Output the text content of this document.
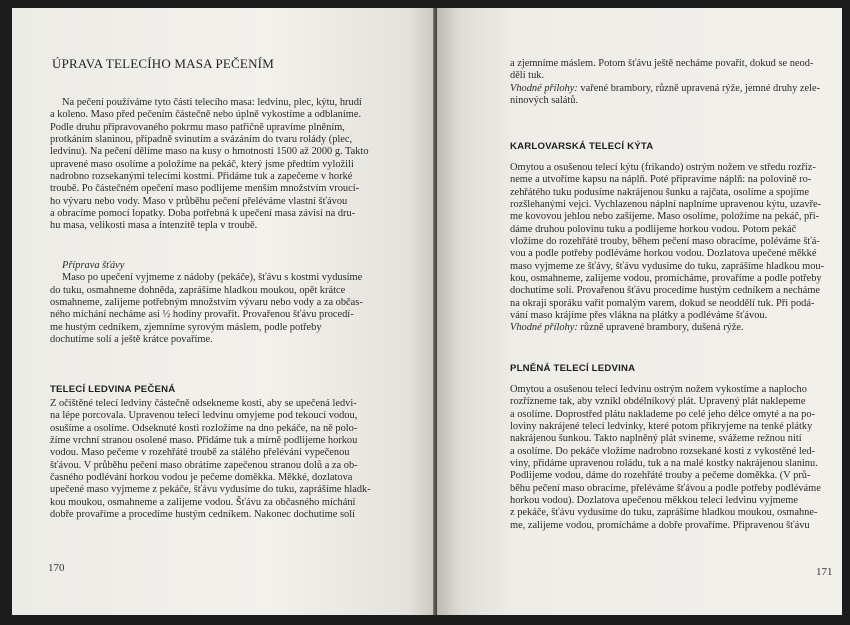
ÚPRAVA TELECÍHO MASA PEČENÍM

Na pečení používáme tyto části telecího masa: ledvinu, plec, kýtu, hrudí

a koleno. Maso před pečením částečně nebo úplně vykostíme a odblaníme.

Podle druhu připravovaného pokrmu maso patřičně upravíme plněním,

protkáním slaninou, případně svinutím a svázáním do tvaru rolády (plec,

ledvinu). Na pečení dělíme maso na kusy o hmotnosti 1500 až 2000 g. Takto

upravené maso osolíme a položíme na pekáč, který jsme předtím vyložili

nadrobno rozsekanými telecími kostmi. Přidáme tuk a zapečeme v horké

troubě. Po částečném opečení maso podlijeme menším množstvím vroucí-

ho vývaru nebo vody. Maso v průběhu pečení přeléváme vlastní šťávou

a obracíme pomocí lopatky. Doba potřebná k upečení masa závisí na dru-

hu masa, velikosti masa a intenzitě tepla v troubě.

Příprava šťávy

Maso po upečení vyjmeme z nádoby (pekáče), šťávu s kostmi vydusíme

do tuku, osmahneme dohněda, zaprášíme hladkou moukou, opět krátce

osmahneme, zalijeme potřebným množstvím vývaru nebo vody a za občas-

ného míchání necháme asi ½ hodiny provařit. Provařenou šťávu procedí-

me hustým cedníkem, zjemníme syrovým máslem, podle potřeby

dochutíme solí a ještě krátce povaříme.

TELECÍ LEDVINA PEČENÁ

Z očištěné telecí ledviny částečně odsekneme kosti, aby se upečená ledvi-

na lépe porcovala. Upravenou telecí ledvinu omyjeme pod tekoucí vodou,

osušíme a osolíme. Odseknuté kosti rozložíme na dno pekáče, na ně polo-

žíme vrchní stranou osolené maso. Přidáme tuk a mírně podlijeme horkou

vodou. Maso pečeme v rozehřáté troubě za stálého přelévání vypečenou

šťávou. V průběhu pečení maso obrátíme zapečenou stranou dolů a za ob-

časného podlévání horkou vodou je pečeme doměkka. Měkké, dozlatova

upečené maso vyjmeme z pekáče, šťávu vydusíme do tuku, zaprášíme hladk-

kou moukou, osmahneme a zalijeme vodou. Šťávu za občasného míchání

dobře provaříme a procedíme hustým cedníkem. Nakonec dochutíme solí

170

a zjemníme máslem. Potom šťávu ještě necháme povařit, dokud se neod-

dělí tuk.

Vhodné přílohy: vařené brambory, různě upravená rýže, jemné druhy zele-

ninových salátů.

KARLOVARSKÁ TELECÍ KÝTA

Omytou a osušenou telecí kýtu (frikando) ostrým nožem ve středu rozříz-

neme a utvoříme kapsu na náplň. Poté připravíme náplň: na polovině ro-

zehřátého tuku podusíme nakrájenou šunku a rajčata, osolíme a spojíme

rozšlehanými vejci. Vychlazenou náplní naplníme upravenou kýtu, uzavře-

me kovovou jehlou nebo zašijeme. Maso osolíme, položíme na pekáč, při-

dáme druhou polovinu tuku a podlijeme horkou vodou. Potom pekáč

vložíme do rozehřáté trouby, během pečení maso obracíme, poléváme šťá-

vou a podle potřeby podléváme horkou vodou. Dozlatova upečené měkké

maso vyjmeme ze šťávy, šťávu vydusíme do tuku, zaprášíme hladkou mou-

kou, osmahneme, zalijeme vodou, promícháme, provaříme a podle potřeby

dochutíme solí. Provařenou šťávu procedíme hustým cedníkem a necháme

na okraji sporáku vařit pomalým varem, dokud se neoddělí tuk. Při podá-

vání maso krájíme přes vlákna na plátky a podléváme šťávou.

Vhodné přílohy: různě upravené brambory, dušená rýže.

PLNĚNÁ TELECÍ LEDVINA

Omytou a osušenou telecí ledvinu ostrým nožem vykostíme a naplocho

rozřízneme tak, aby vznikl obdélníkový plát. Upravený plát naklepeme

a osolíme. Doprostřed plátu naklademe po celé jeho délce omyté a na po-

loviny nakrájené telecí ledvinky, které potom přikryjeme na tenké plátky

nakrájenou šunkou. Takto naplněný plát svineme, svážeme režnou nití

a osolíme. Do pekáče vložíme nadrobno rozsekané kosti z vykostěné led-

viny, přidáme upravenou roládu, tuk a na malé kostky nakrájenou slaninu.

Podlijeme vodou, dáme do rozehřáté trouby a pečeme doměkka. (V prů-

běhu pečení maso obracíme, přeléváme šťávou a podle potřeby podléváme

horkou vodou). Dozlatova upečenou měkkou telecí ledvinu vyjmeme

z pekáče, šťávu vydusíme do tuku, zaprášíme hladkou moukou, osmahne-

me, zalijeme vodou, promícháme a dobře provaříme. Připravenou šťávu

171
